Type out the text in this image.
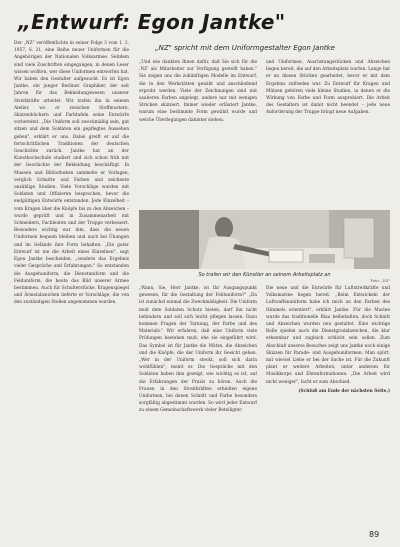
„Entwurf: Egon Jantke"
„NZ" spricht mit dem Uniformgestalter Egon Jantke

Der „NZ" veröffentlichte in seiner Folge 3 vom 1. 2. 1957, S. 21, eine Reihe neuer Uniformen für die Angehörigen der Nationalen Volksarmee. Seitdem sind viele Zuschriften eingegangen, in denen Leser wissen wollten, wer diese Uniformen entworfen hat. Wir haben den Gestalter aufgesucht. Es ist Egon Jantke, ein junger Berliner Graphiker, der seit Jahren für das Bekleidungswesen unserer Streitkräfte arbeitet. Wir trafen ihn in seinem Atelier, wo er zwischen Stoffmustern, Skizzenbüchern und Farbtafeln seine Entwürfe vorbereitet. „Die Uniform soll zweckmäßig sein, gut sitzen und dem Soldaten ein gepflegtes Aussehen geben", erklärt er uns. Dabei greift er auf die fortschrittlichen Traditionen der deutschen Geschichte zurück. Jantke hat an der Kunsthochschule studiert und sich schon früh mit der Geschichte der Bekleidung beschäftigt. In Museen und Bibliotheken sammelte er Vorlagen, verglich Schnitte und Farben und zeichnete unzählige Studien. Viele Vorschläge wurden mit Soldaten und Offizieren besprochen, bevor die endgültigen Entwürfe entstanden. Jede Einzelheit – vom Kragen über die Knöpfe bis zu den Abzeichen – wurde geprüft und in Zusammenarbeit mit Schneidern, Fachleuten und der Truppe verbessert. Besonders wichtig war ihm, dass die neuen Uniformen bequem bleiben und auch bei Übungen und im Gelände ihre Form behalten. „Ein guter Entwurf ist nie die Arbeit eines Einzelnen", sagt Egon Jantke bescheiden, „sondern das Ergebnis vieler Gespräche und Erfahrungen." So entstanden die Ausgehuniform, die Dienstuniform und die Felduniform, die heute das Bild unserer Armee bestimmen. Auch für Schulterstücke, Kragenspiegel und Ärmelabzeichen lieferte er Vorschläge, die von den zuständigen Stellen angenommen wurden.

„Und wie dankten Ihnen dafür, daß Sie sich für die ‚NZ' als Mitarbeiter zur Verfügung gestellt haben." Sie zeigen uns die zukünftigen Modelle im Entwurf, die in den Werkstätten genäht und anschließend erprobt werden. Viele der Zeichnungen sind mit sauberen Farben angelegt, andere nur mit wenigen Strichen skizziert. Immer wieder erläutert Jantke, warum eine bestimmte Form gewählt wurde und welche Überlegungen dahinter stehen.

und Uniformen, Ausrüstungsstücken und Abzeichen liegen bereit, die auf den Arbeitsplatz warten. Lange hat er an diesen Stücken gearbeitet, bevor er mit dem Ergebnis zufrieden war. Zu Entwurf für Kragen und Mützen gehören viele kleine Studien, in denen er die Wirkung von Farbe und Form ausprobiert. Die Arbeit des Gestalters ist damit nicht beendet – jede neue Anforderung der Truppe bringt neue Aufgaben.

So trafen wir den Künstler an seinem Arbeitsplatz an
Foto: „NZ"

„Wann, Sie, Herr Jantke, ist Ihr Ausgangspunkt gewesen, für die Gestaltung der Felduniform?" „Da ist zunächst einmal die Zweckmäßigkeit. Die Uniform muß dem Soldaten Schutz bieten, darf ihn nicht behindern und soll sich leicht pflegen lassen. Dazu kommen Fragen der Tarnung, der Farbe und des Materials." Wir erfahren, daß eine Uniform viele Prüfungen bestehen muß, ehe sie eingeführt wird. Das Symbol ist für Jantke die Mütze, die Abzeichen und die Knöpfe, die der Uniform ihr Gesicht geben. „Wer in der Uniform steckt, soll sich darin wohlfühlen", meint er. Die Gespräche mit den Soldaten haben ihm gezeigt, wie wichtig es ist, auf die Erfahrungen der Praxis zu hören. Auch die Frauen in den Streitkräften erhielten eigene Uniformen, bei denen Schnitt und Farbe besonders sorgfältig abgestimmt wurden. So wird jeder Entwurf zu einem Gemeinschaftswerk vieler Beteiligter.

Die neue und die Entwürfe für Luftstreitkräfte und Volksmarine liegen bereit. „Beim Entwickeln der Luftwaffenuniform habe ich mich an den Farben des Himmels orientiert", erklärt Jantke. Für die Marine wurde das traditionelle Blau beibehalten, doch Schnitt und Abzeichen wurden neu gestaltet. Eine wichtige Rolle spielen auch die Dienstgradabzeichen, die klar erkennbar und zugleich schlicht sein sollen. Zum Abschluß unseres Besuches zeigt uns Jantke noch einige Skizzen für Parade- und Ausgehuniformen. Man spürt, mit wieviel Liebe er bei der Sache ist. Für die Zukunft plant er weitere Arbeiten, unter anderem für Musikkorps und Ehrenformationen. „Die Arbeit wird nicht weniger", lacht er zum Abschied.

(Schluß am Ende der nächsten Seite.)

89
